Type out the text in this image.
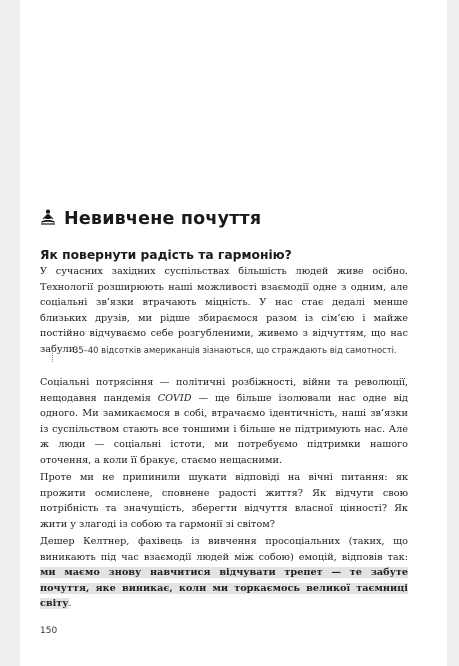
Невивчене почуття
Як повернути радість та гармонію?
У сучасних західних суспільствах більшість людей живе осібно. Технології розширюють наші можливості взаємодії одне з одним, але соціальні зв’язки втрачають міцність. У нас стає дедалі менше близьких друзів, ми рідше збираємося разом із сім’єю і майже постійно відчуваємо себе розгубленими, живемо з відчуттям, що нас забули.
35–40 відсотків американців зізнаються, що страждають від самотності.
Соціальні потрясіння — політичні розбіжності, війни та революції, нещодавня пандемія COVID — ще більше ізолювали нас одне від одного. Ми замикаємося в собі, втрачаємо ідентичність, наші зв’язки із суспільством стають все тоншими і більше не підтримують нас. Але ж люди — соціальні істоти, ми потребуємо підтримки нашого оточення, а коли її бракує, стаємо нещасними.
Проте ми не припинили шукати відповіді на вічні питання: як прожити осмислене, сповнене радості життя? Як відчути свою потрібність та значущість, зберегти відчуття власної цінності? Як жити у злагоді із собою та гармонії зі світом?
Дешер Келтнер, фахівець із вивчення просоціальних (таких, що виникають під час взаємодії людей між собою) емоцій, відповів так: ми маємо знову навчитися відчувати трепет — те забуте почуття, яке виникає, коли ми торкаємось великої таємниці світу.
150
